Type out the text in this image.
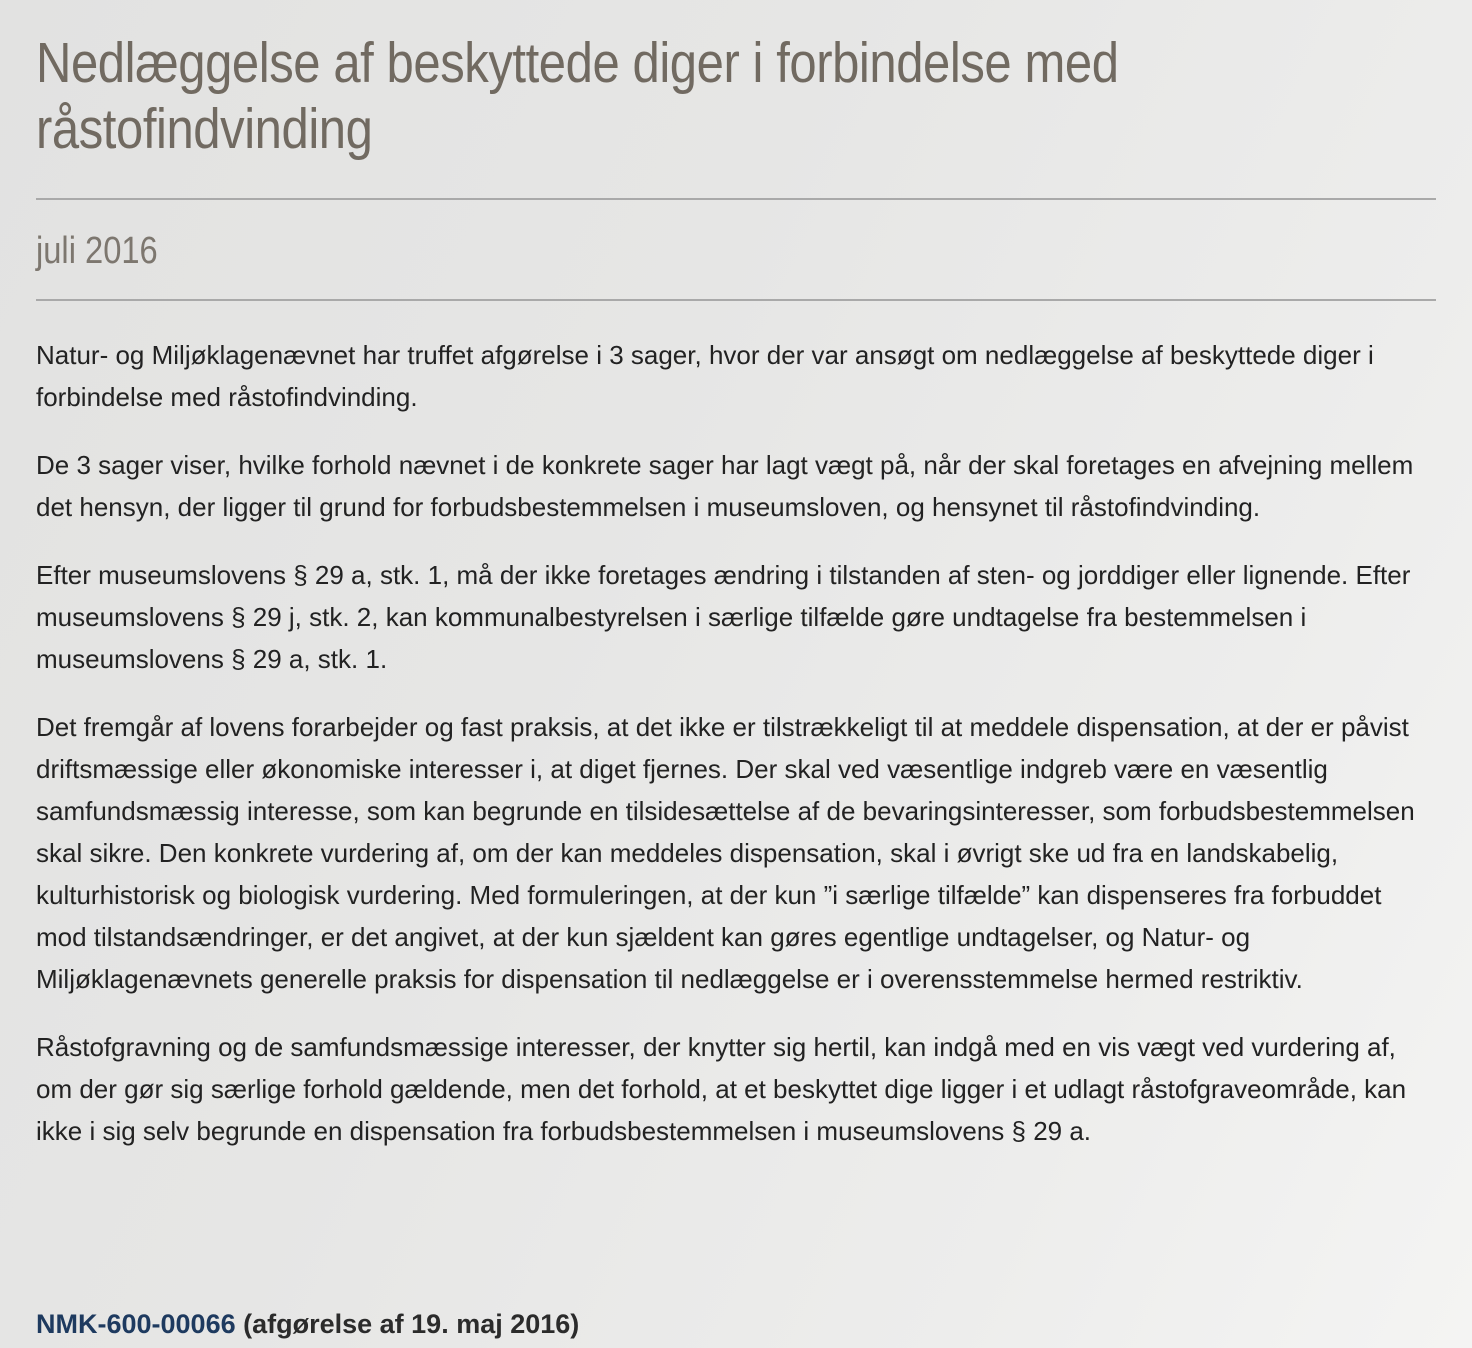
Nedlæggelse af beskyttede diger i forbindelse med råstofindvinding
juli 2016

Natur- og Miljøklagenævnet har truffet afgørelse i 3 sager, hvor der var ansøgt om nedlæggelse af beskyttede diger i forbindelse med råstofindvinding.

De 3 sager viser, hvilke forhold nævnet i de konkrete sager har lagt vægt på, når der skal foretages en afvejning mellem det hensyn, der ligger til grund for forbudsbestemmelsen i museumsloven, og hensynet til råstofindvinding.

Efter museumslovens § 29 a, stk. 1, må der ikke foretages ændring i tilstanden af sten- og jorddiger eller lignende. Efter museumslovens § 29 j, stk. 2, kan kommunalbestyrelsen i særlige tilfælde gøre undtagelse fra bestemmelsen i museumslovens § 29 a, stk. 1.

Det fremgår af lovens forarbejder og fast praksis, at det ikke er tilstrækkeligt til at meddele dispensation, at der er påvist driftsmæssige eller økonomiske interesser i, at diget fjernes. Der skal ved væsentlige indgreb være en væsentlig samfundsmæssig interesse, som kan begrunde en tilsidesættelse af de bevaringsinteresser, som forbudsbestemmelsen skal sikre. Den konkrete vurdering af, om der kan meddeles dispensation, skal i øvrigt ske ud fra en landskabelig, kulturhistorisk og biologisk vurdering. Med formuleringen, at der kun ”i særlige tilfælde” kan dispenseres fra forbuddet mod tilstandsændringer, er det angivet, at der kun sjældent kan gøres egentlige undtagelser, og Natur- og Miljøklagenævnets generelle praksis for dispensation til nedlæggelse er i overensstemmelse hermed restriktiv.

Råstofgravning og de samfundsmæssige interesser, der knytter sig hertil, kan indgå med en vis vægt ved vurdering af, om der gør sig særlige forhold gældende, men det forhold, at et beskyttet dige ligger i et udlagt råstofgraveområde, kan ikke i sig selv begrunde en dispensation fra forbudsbestemmelsen i museumslovens § 29 a.

NMK-600-00066 (afgørelse af 19. maj 2016)
